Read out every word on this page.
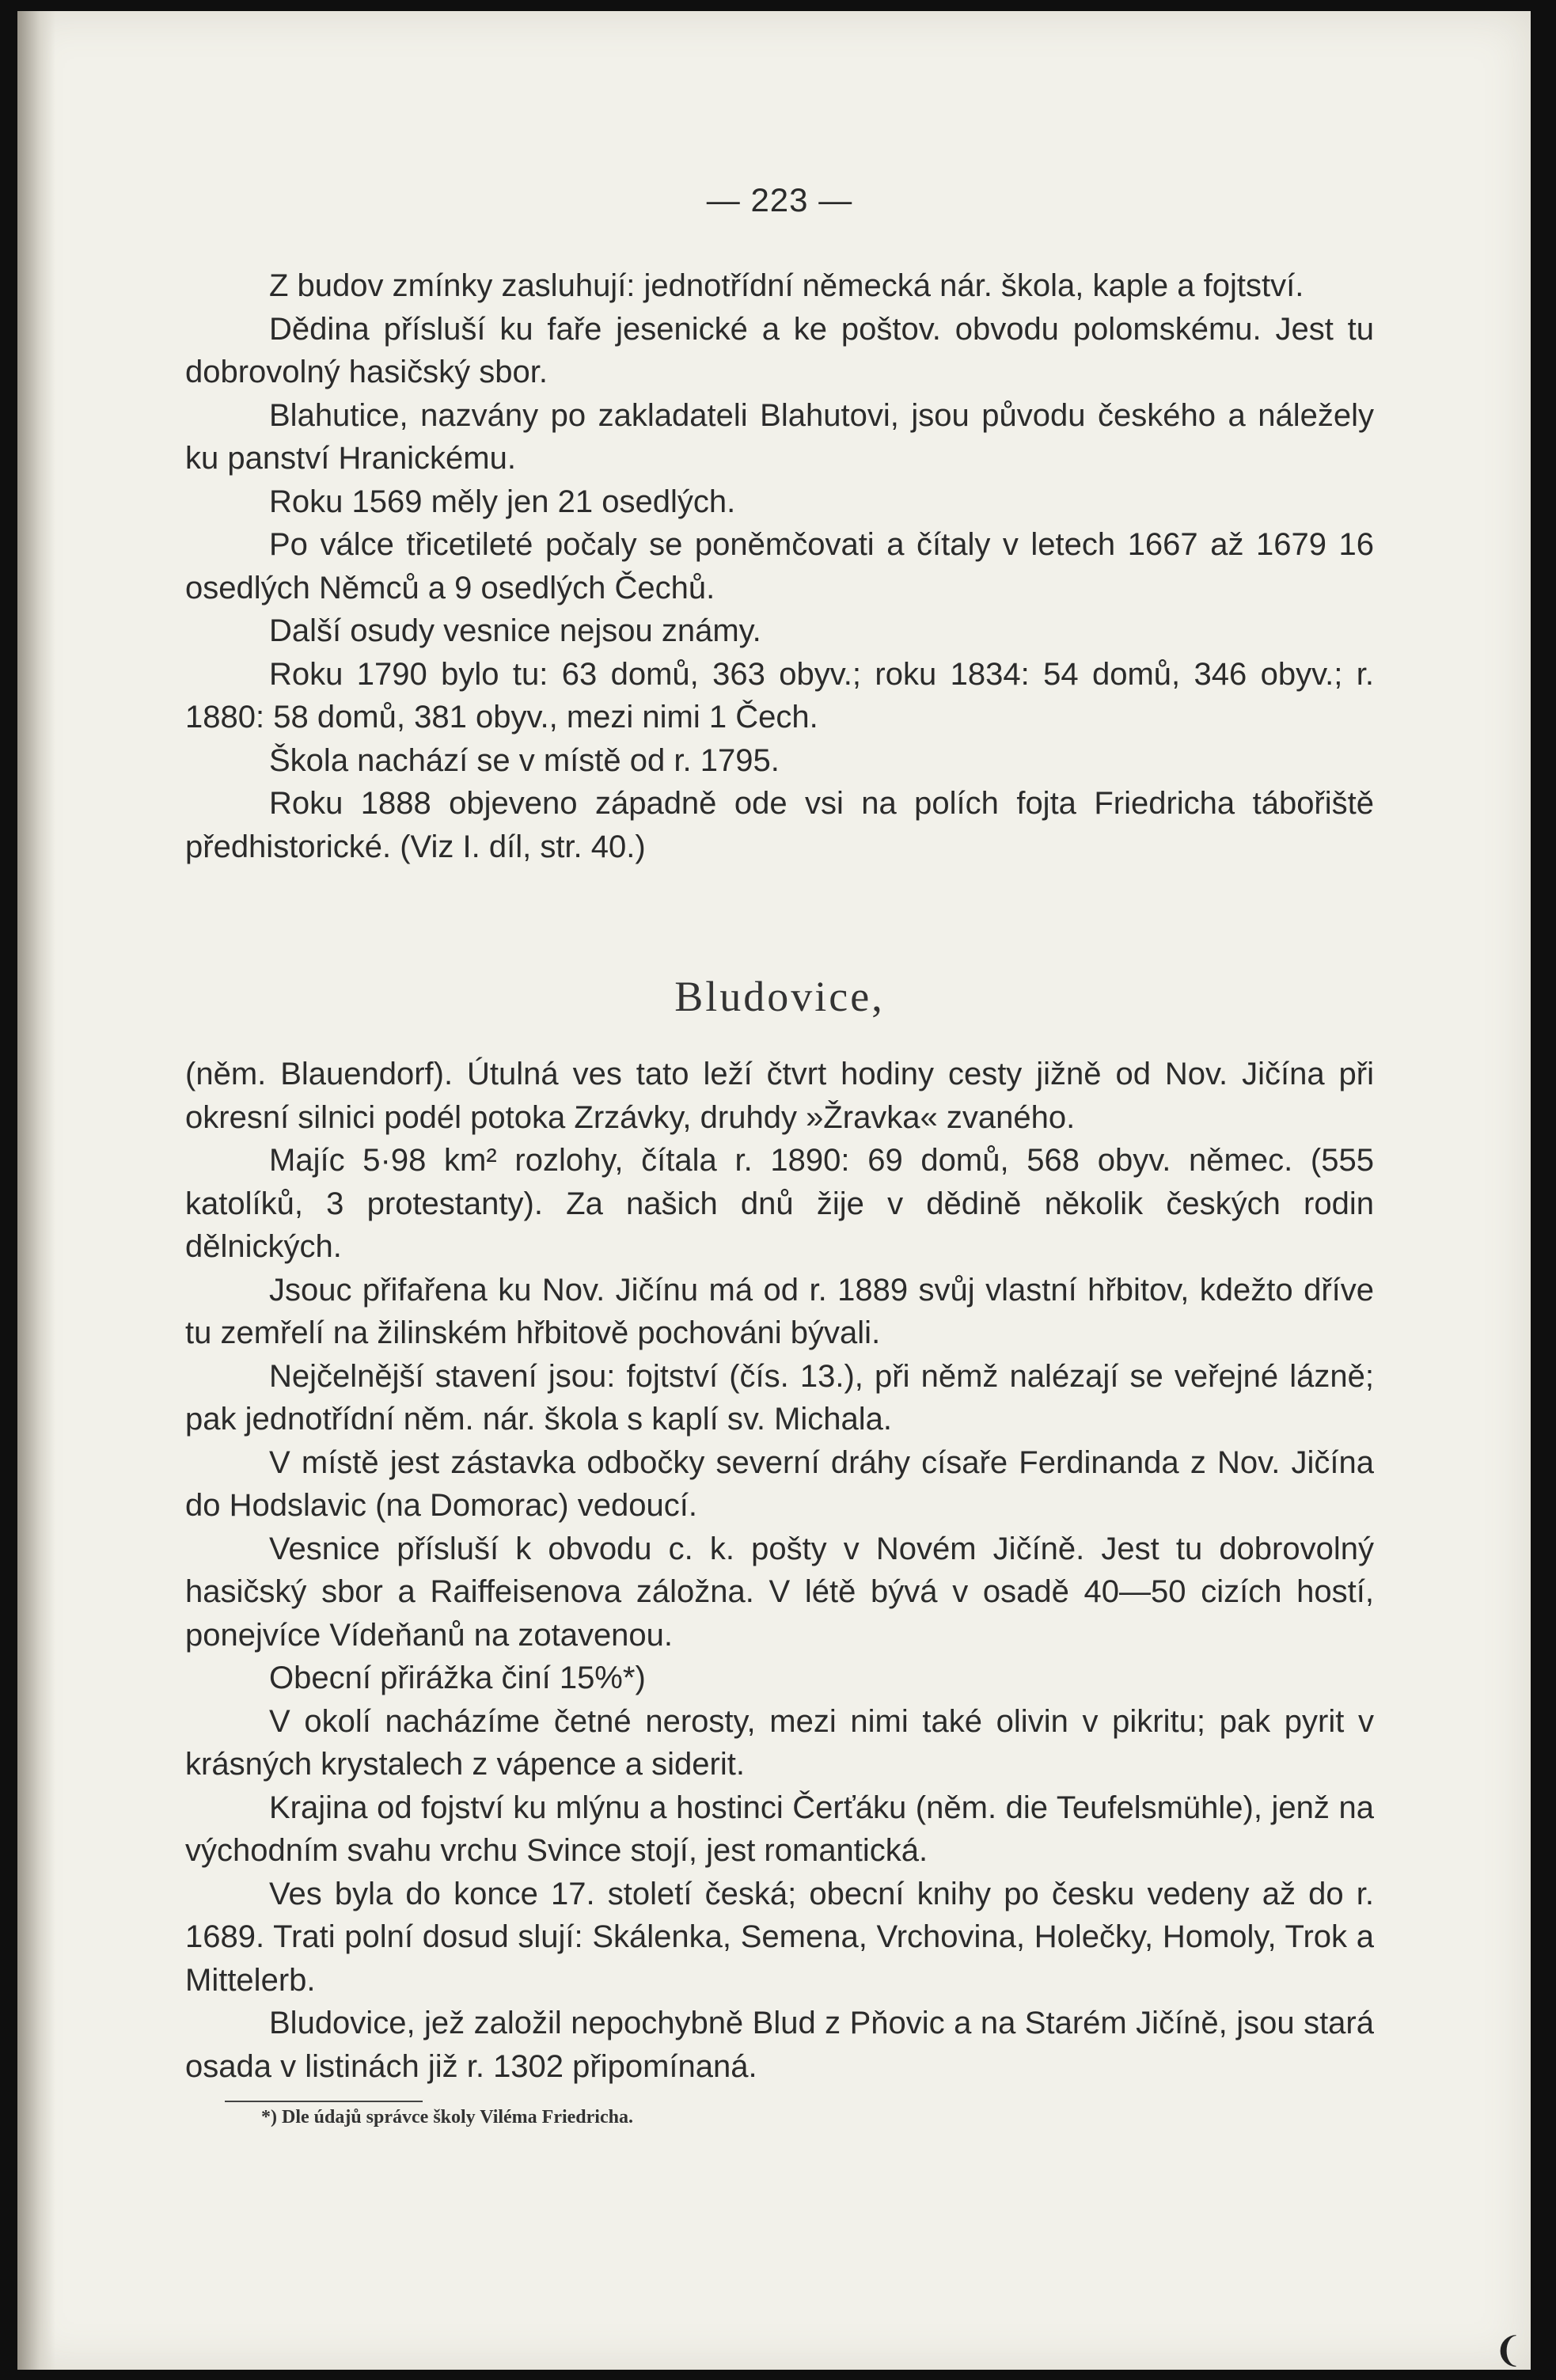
— 223 —

Z budov zmínky zasluhují: jednotřídní německá nár. škola, kaple a fojtství.

Dědina přísluší ku faře jesenické a ke poštov. obvodu polomskému. Jest tu dobrovolný hasičský sbor.

Blahutice, nazvány po zakladateli Blahutovi, jsou původu českého a náležely ku panství Hranickému.

Roku 1569 měly jen 21 osedlých.

Po válce třicetileté počaly se poněmčovati a čítaly v letech 1667 až 1679 16 osedlých Němců a 9 osedlých Čechů.

Další osudy vesnice nejsou známy.

Roku 1790 bylo tu: 63 domů, 363 obyv.; roku 1834: 54 domů, 346 obyv.; r. 1880: 58 domů, 381 obyv., mezi nimi 1 Čech.

Škola nachází se v místě od r. 1795.

Roku 1888 objeveno západně ode vsi na polích fojta Friedricha tábořiště předhistorické. (Viz I. díl, str. 40.)

Bludovice,

(něm. Blauendorf). Útulná ves tato leží čtvrt hodiny cesty jižně od Nov. Jičína při okresní silnici podél potoka Zrzávky, druhdy »Žravka« zvaného.

Majíc 5·98 km² rozlohy, čítala r. 1890: 69 domů, 568 obyv. němec. (555 katolíků, 3 protestanty). Za našich dnů žije v dědině několik českých rodin dělnických.

Jsouc přifařena ku Nov. Jičínu má od r. 1889 svůj vlastní hřbitov, kdežto dříve tu zemřelí na žilinském hřbitově pochováni bývali.

Nejčelnější stavení jsou: fojtství (čís. 13.), při němž nalézají se veřejné lázně; pak jednotřídní něm. nár. škola s kaplí sv. Michala.

V místě jest zástavka odbočky severní dráhy císaře Ferdinanda z Nov. Jičína do Hodslavic (na Domorac) vedoucí.

Vesnice přísluší k obvodu c. k. pošty v Novém Jičíně. Jest tu dobrovolný hasičský sbor a Raiffeisenova záložna. V létě bývá v osadě 40—50 cizích hostí, ponejvíce Vídeňanů na zotavenou.

Obecní přirážka činí 15%*)

V okolí nacházíme četné nerosty, mezi nimi také olivin v pikritu; pak pyrit v krásných krystalech z vápence a siderit.

Krajina od fojství ku mlýnu a hostinci Čerťáku (něm. die Teufelsmühle), jenž na východním svahu vrchu Svince stojí, jest romantická.

Ves byla do konce 17. století česká; obecní knihy po česku vedeny až do r. 1689. Trati polní dosud slují: Skálenka, Semena, Vrchovina, Holečky, Homoly, Trok a Mittelerb.

Bludovice, jež založil nepochybně Blud z Pňovic a na Starém Jičíně, jsou stará osada v listinách již r. 1302 připomínaná.

*) Dle údajů správce školy Viléma Friedricha.
❨
